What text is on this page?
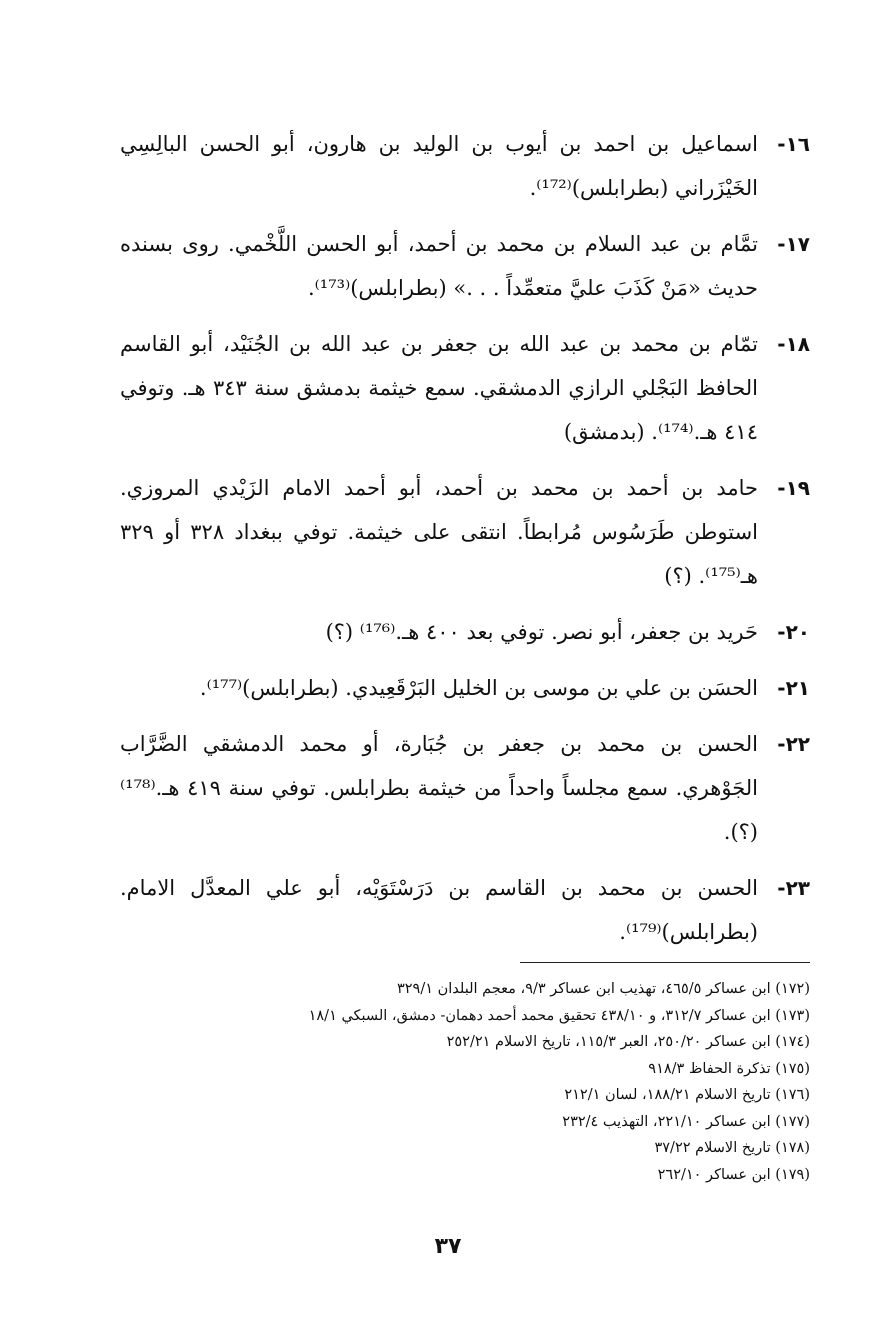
١٦-
اسماعيل بن احمد بن أيوب بن الوليد بن هارون، أبو الحسن البالِسِي الخَيْزَراني (بطرابلس)⁽¹⁷²⁾.
١٧-
تمَّام بن عبد السلام بن محمد بن أحمد، أبو الحسن اللَّخْمي. روى بسنده حديث «مَنْ كَذَبَ عليَّ متعمِّداً . . .» (بطرابلس)⁽¹⁷³⁾.
١٨-
تمّام بن محمد بن عبد الله بن جعفر بن عبد الله بن الجُنَيْد، أبو القاسم الحافظ البَجْلي الرازي الدمشقي. سمع خيثمة بدمشق سنة ٣٤٣ هـ. وتوفي ٤١٤ هـ.⁽¹⁷⁴⁾. (بدمشق)
١٩-
حامد بن أحمد بن محمد بن أحمد، أبو أحمد الامام الزَيْدي المروزي. استوطن طَرَسُوس مُرابطاً. انتقى على خيثمة. توفي ببغداد ٣٢٨ أو ٣٢٩ هـ⁽¹⁷⁵⁾. (؟)
٢٠-
حَريد بن جعفر، أبو نصر. توفي بعد ٤٠٠ هـ.⁽¹⁷⁶⁾ (؟)
٢١-
الحسَن بن علي بن موسى بن الخليل البَرْقَعِيدي. (بطرابلس)⁽¹⁷⁷⁾.
٢٢-
الحسن بن محمد بن جعفر بن جُبَارة، أو محمد الدمشقي الضَّرَّاب الجَوْهري. سمع مجلساً واحداً من خيثمة بطرابلس. توفي سنة ٤١٩ هـ.⁽¹⁷⁸⁾ (؟).
٢٣-
الحسن بن محمد بن القاسم بن دَرَسْتَوَيْه، أبو علي المعدَّل الامام. (بطرابلس)⁽¹⁷⁹⁾.
(١٧٢) ابن عساكر ٤٦٥/٥، تهذيب ابن عساكر ٩/٣، معجم البلدان ٣٢٩/١
(١٧٣) ابن عساكر ٣١٢/٧، و ٤٣٨/١٠ تحقيق محمد أحمد دهمان- دمشق، السبكي ١٨/١
(١٧٤) ابن عساكر ٢٥٠/٢٠، العبر ١١٥/٣، تاريخ الاسلام ٢٥٢/٢١
(١٧٥) تذكرة الحفاظ ٩١٨/٣
(١٧٦) تاريخ الاسلام ١٨٨/٢١، لسان ٢١٢/١
(١٧٧) ابن عساكر ٢٢١/١٠، التهذيب ٢٣٢/٤
(١٧٨) تاريخ الاسلام ٣٧/٢٢
(١٧٩) ابن عساكر ٢٦٢/١٠
٣٧
